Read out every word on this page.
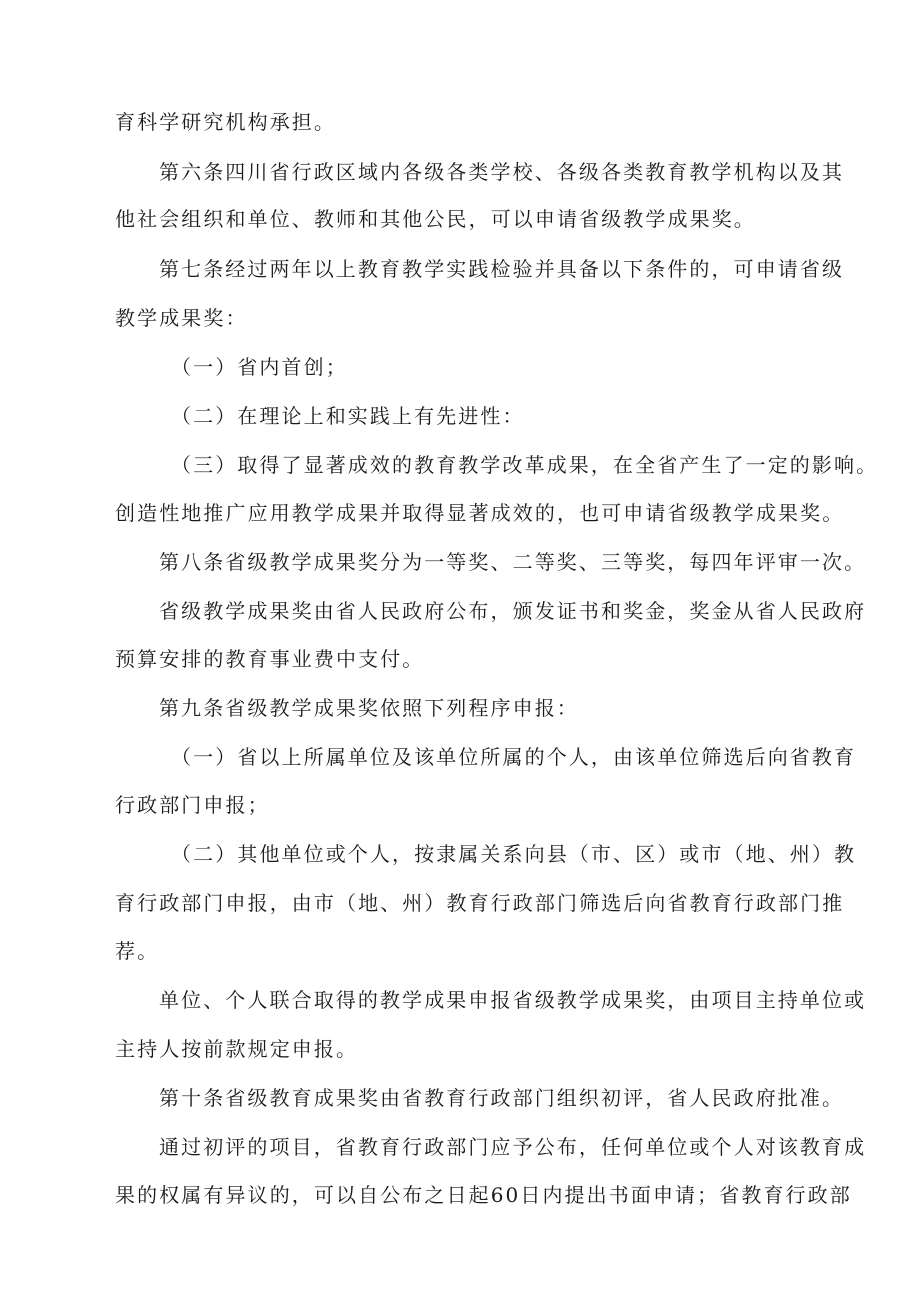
育科学研究机构承担。

第六条四川省行政区域内各级各类学校、各级各类教育教学机构以及其

他社会组织和单位、教师和其他公民，可以申请省级教学成果奖。

第七条经过两年以上教育教学实践检验并具备以下条件的，可申请省级

教学成果奖：

（一）省内首创；

（二）在理论上和实践上有先进性：

（三）取得了显著成效的教育教学改革成果，在全省产生了一定的影响。

创造性地推广应用教学成果并取得显著成效的，也可申请省级教学成果奖。

第八条省级教学成果奖分为一等奖、二等奖、三等奖，每四年评审一次。

省级教学成果奖由省人民政府公布，颁发证书和奖金，奖金从省人民政府

预算安排的教育事业费中支付。

第九条省级教学成果奖依照下列程序申报：

（一）省以上所属单位及该单位所属的个人，由该单位筛选后向省教育

行政部门申报；

（二）其他单位或个人，按隶属关系向县（市、区）或市（地、州）教

育行政部门申报，由市（地、州）教育行政部门筛选后向省教育行政部门推

荐。

单位、个人联合取得的教学成果申报省级教学成果奖，由项目主持单位或

主持人按前款规定申报。

第十条省级教育成果奖由省教育行政部门组织初评，省人民政府批准。

通过初评的项目，省教育行政部门应予公布，任何单位或个人对该教育成

果的权属有异议的，可以自公布之日起60日内提出书面申请；省教育行政部
